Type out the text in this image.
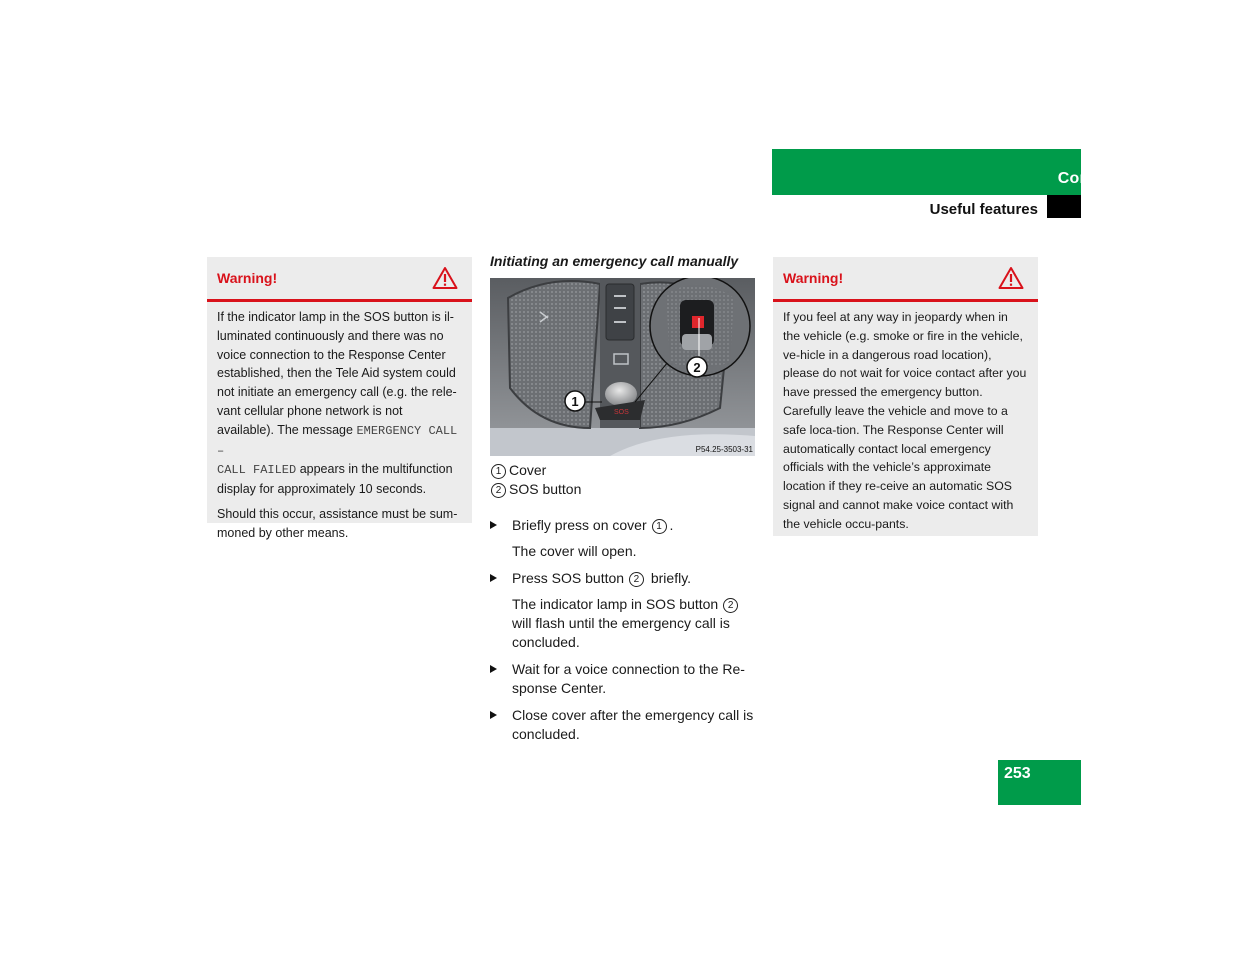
Controls in detail
Useful features
Warning!

If the indicator lamp in the SOS button is il-luminated continuously and there was no voice connection to the Response Center established, then the Tele Aid system could not initiate an emergency call (e.g. the rele-vant cellular phone network is not available). The message EMERGENCY CALL –
CALL FAILED appears in the multifunction display for approximately 10 seconds.

Should this occur, assistance must be sum-moned by other means.

Initiating an emergency call manually
SOS
2
1
P54.25-3503-31
1 Cover
2 SOS button
Briefly press on cover 1 .
The cover will open.
Press SOS button 2 briefly.
The indicator lamp in SOS button 2 will flash until the emergency call is concluded.
Wait for a voice connection to the Re-sponse Center.
Close cover after the emergency call is concluded.
Warning!
If you feel at any way in jeopardy when in the vehicle (e.g. smoke or fire in the vehicle, ve-hicle in a dangerous road location), please do not wait for voice contact after you have pressed the emergency button. Carefully leave the vehicle and move to a safe loca-tion. The Response Center will automatically contact local emergency officials with the vehicle’s approximate location if they re-ceive an automatic SOS signal and cannot make voice contact with the vehicle occu-pants.
253
